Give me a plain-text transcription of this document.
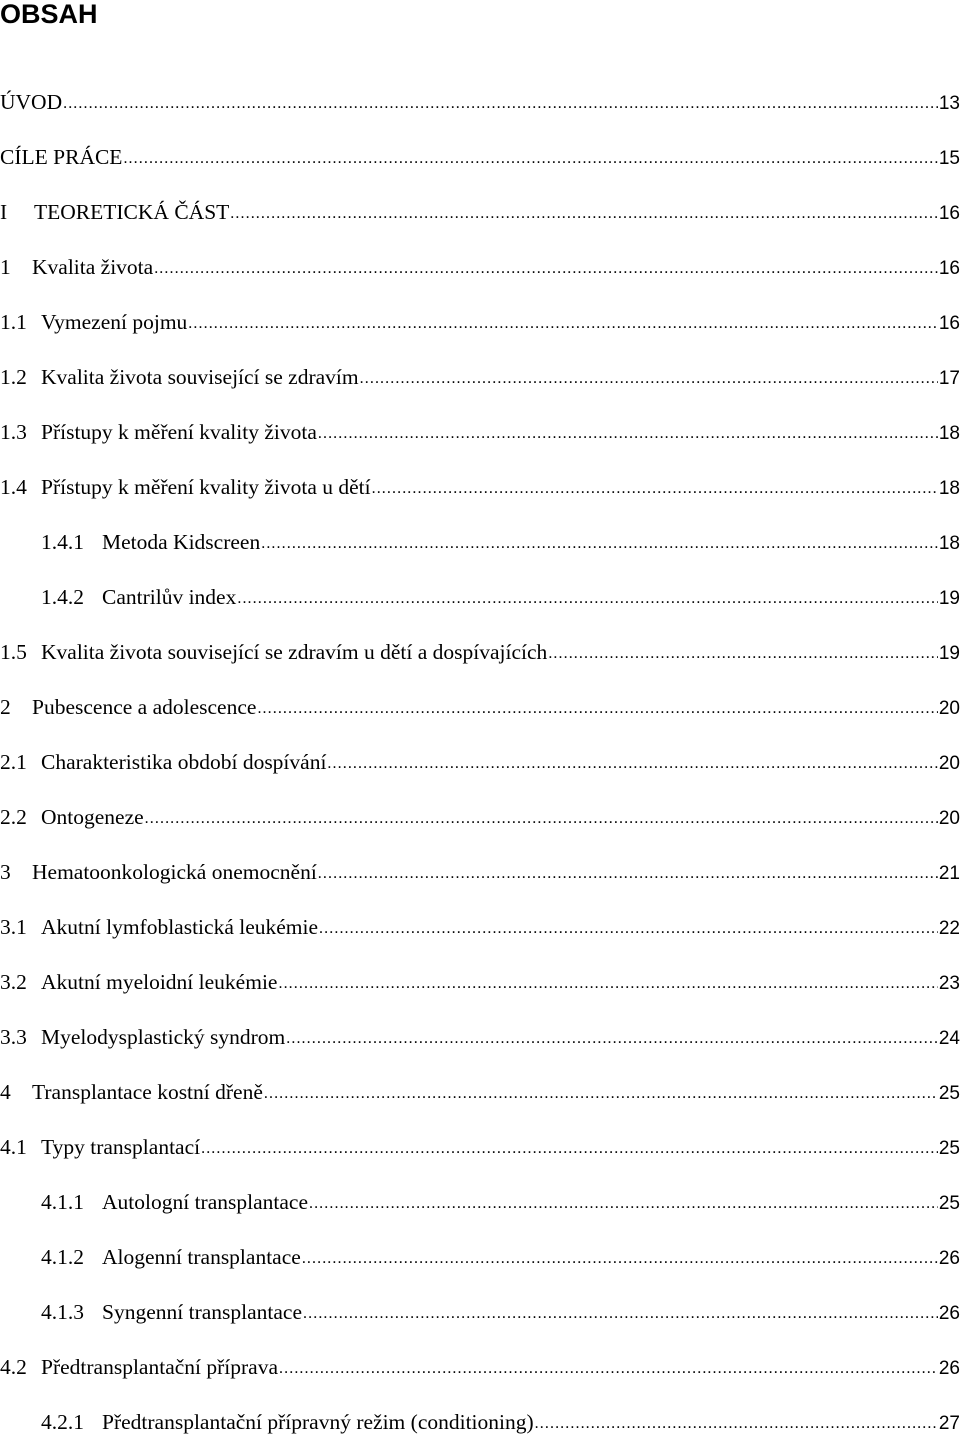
OBSAH
ÚVOD .....	13
CÍLE PRÁCE .....	15
I	TEORETICKÁ ČÁST .....	16
1 Kvalita života .....	16
1.1 Vymezení pojmu .....	16
1.2 Kvalita života související se zdravím .....	17
1.3 Přístupy k měření kvality života .....	18
1.4 Přístupy k měření kvality života u dětí .....	18
1.4.1 Metoda Kidscreen .....	18
1.4.2 Cantrilův index .....	19
1.5 Kvalita života související se zdravím u dětí a dospívajících .....	19
2 Pubescence a adolescence .....	20
2.1 Charakteristika období dospívání .....	20
2.2 Ontogeneze .....	20
3 Hematoonkologická onemocnění .....	21
3.1 Akutní lymfoblastická leukémie .....	22
3.2 Akutní myeloidní leukémie .....	23
3.3 Myelodysplastický syndrom .....	24
4 Transplantace kostní dřeně .....	25
4.1 Typy transplantací .....	25
4.1.1 Autologní transplantace .....	25
4.1.2 Alogenní transplantace .....	26
4.1.3 Syngenní transplantace .....	26
4.2 Předtransplantační příprava .....	26
4.2.1 Předtransplantační přípravný režim (conditioning) .....	27
